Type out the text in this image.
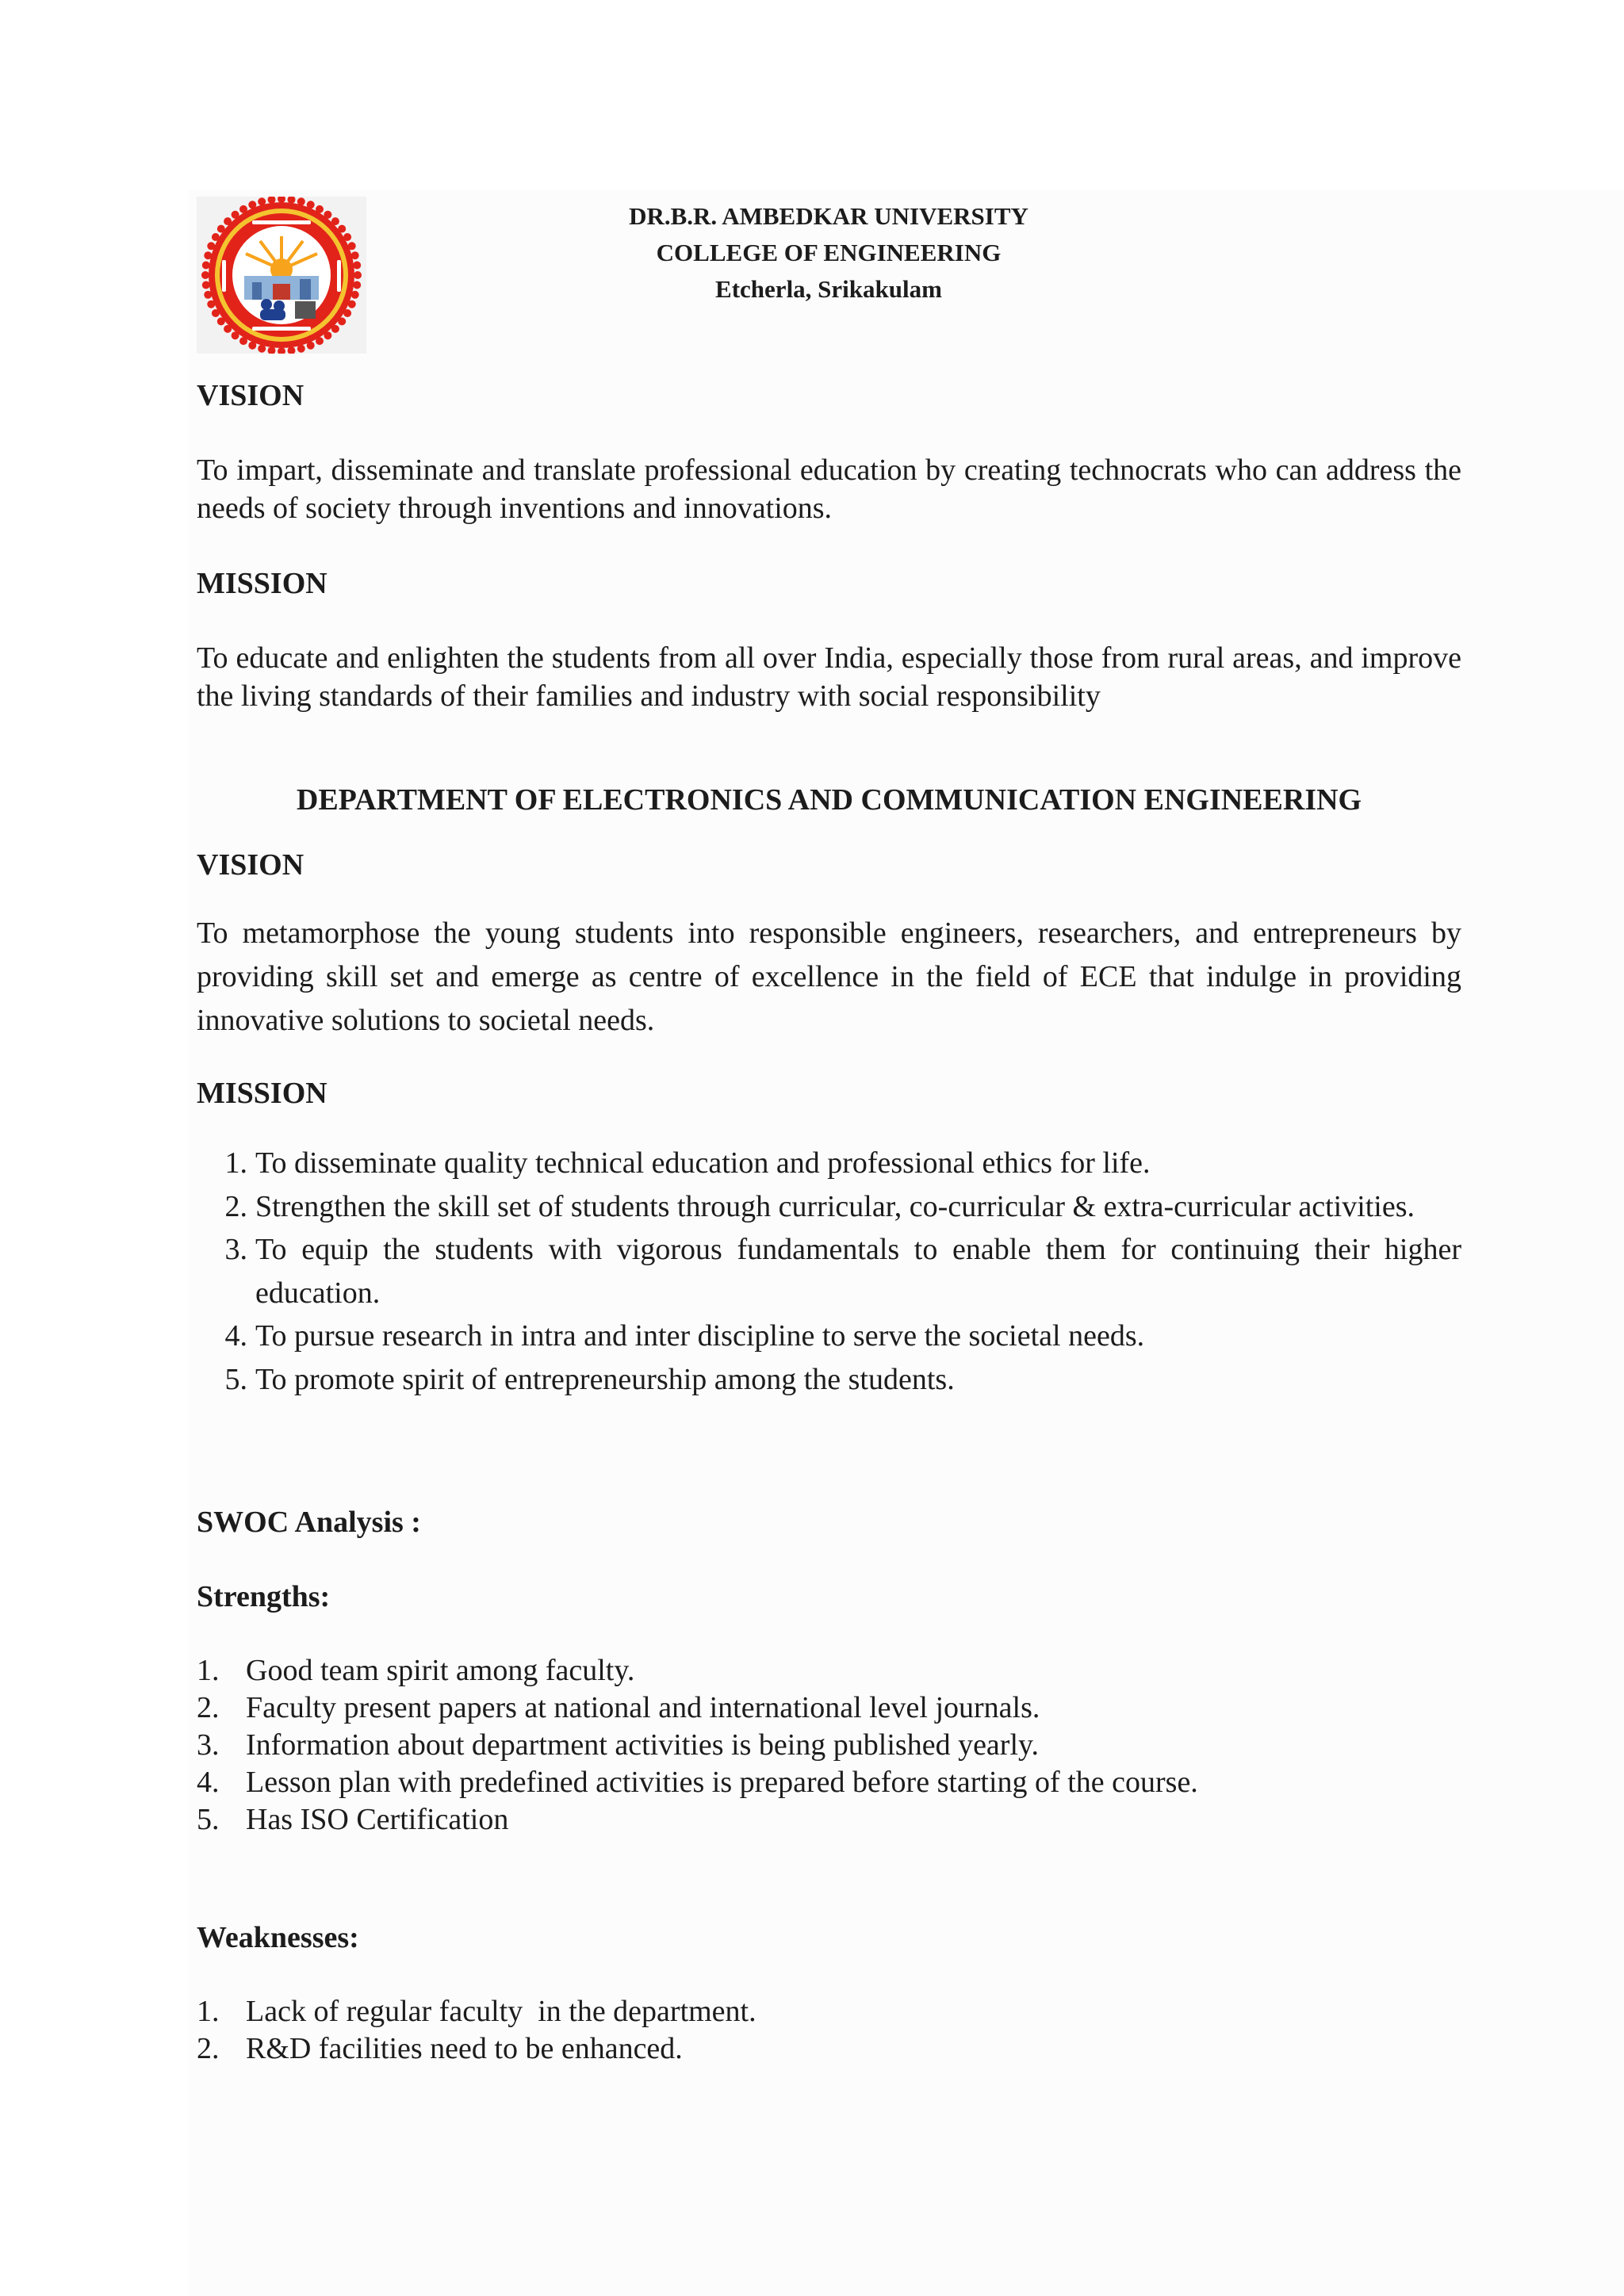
DR.B.R. AMBEDKAR UNIVERSITY
COLLEGE OF ENGINEERING
Etcherla, Srikakulam
VISION

To impart, disseminate and translate professional education by creating technocrats who can address the needs of society through inventions and innovations.

MISSION

To educate and enlighten the students from all over India, especially those from rural areas, and improve the living standards of their families and industry with social responsibility

DEPARTMENT OF ELECTRONICS AND COMMUNICATION ENGINEERING
VISION

To metamorphose the young students into responsible engineers, researchers, and entrepreneurs by providing skill set and emerge as centre of excellence in the field of ECE that indulge in providing innovative solutions to societal needs.

MISSION
1. To disseminate quality technical education and professional ethics for life.
2. Strengthen the skill set of students through curricular, co-curricular & extra-curricular activities.
3. To equip the students with vigorous fundamentals to enable them for continuing their higher education.
4. To pursue research in intra and inter discipline to serve the societal needs.
5. To promote spirit of entrepreneurship among the students.
SWOC Analysis :
Strengths:
1. Good team spirit among faculty.
2. Faculty present papers at national and international level journals.
3. Information about department activities is being published yearly.
4. Lesson plan with predefined activities is prepared before starting of the course.
5. Has ISO Certification
Weaknesses:
1. Lack of regular faculty  in the department.
2. R&D facilities need to be enhanced.
